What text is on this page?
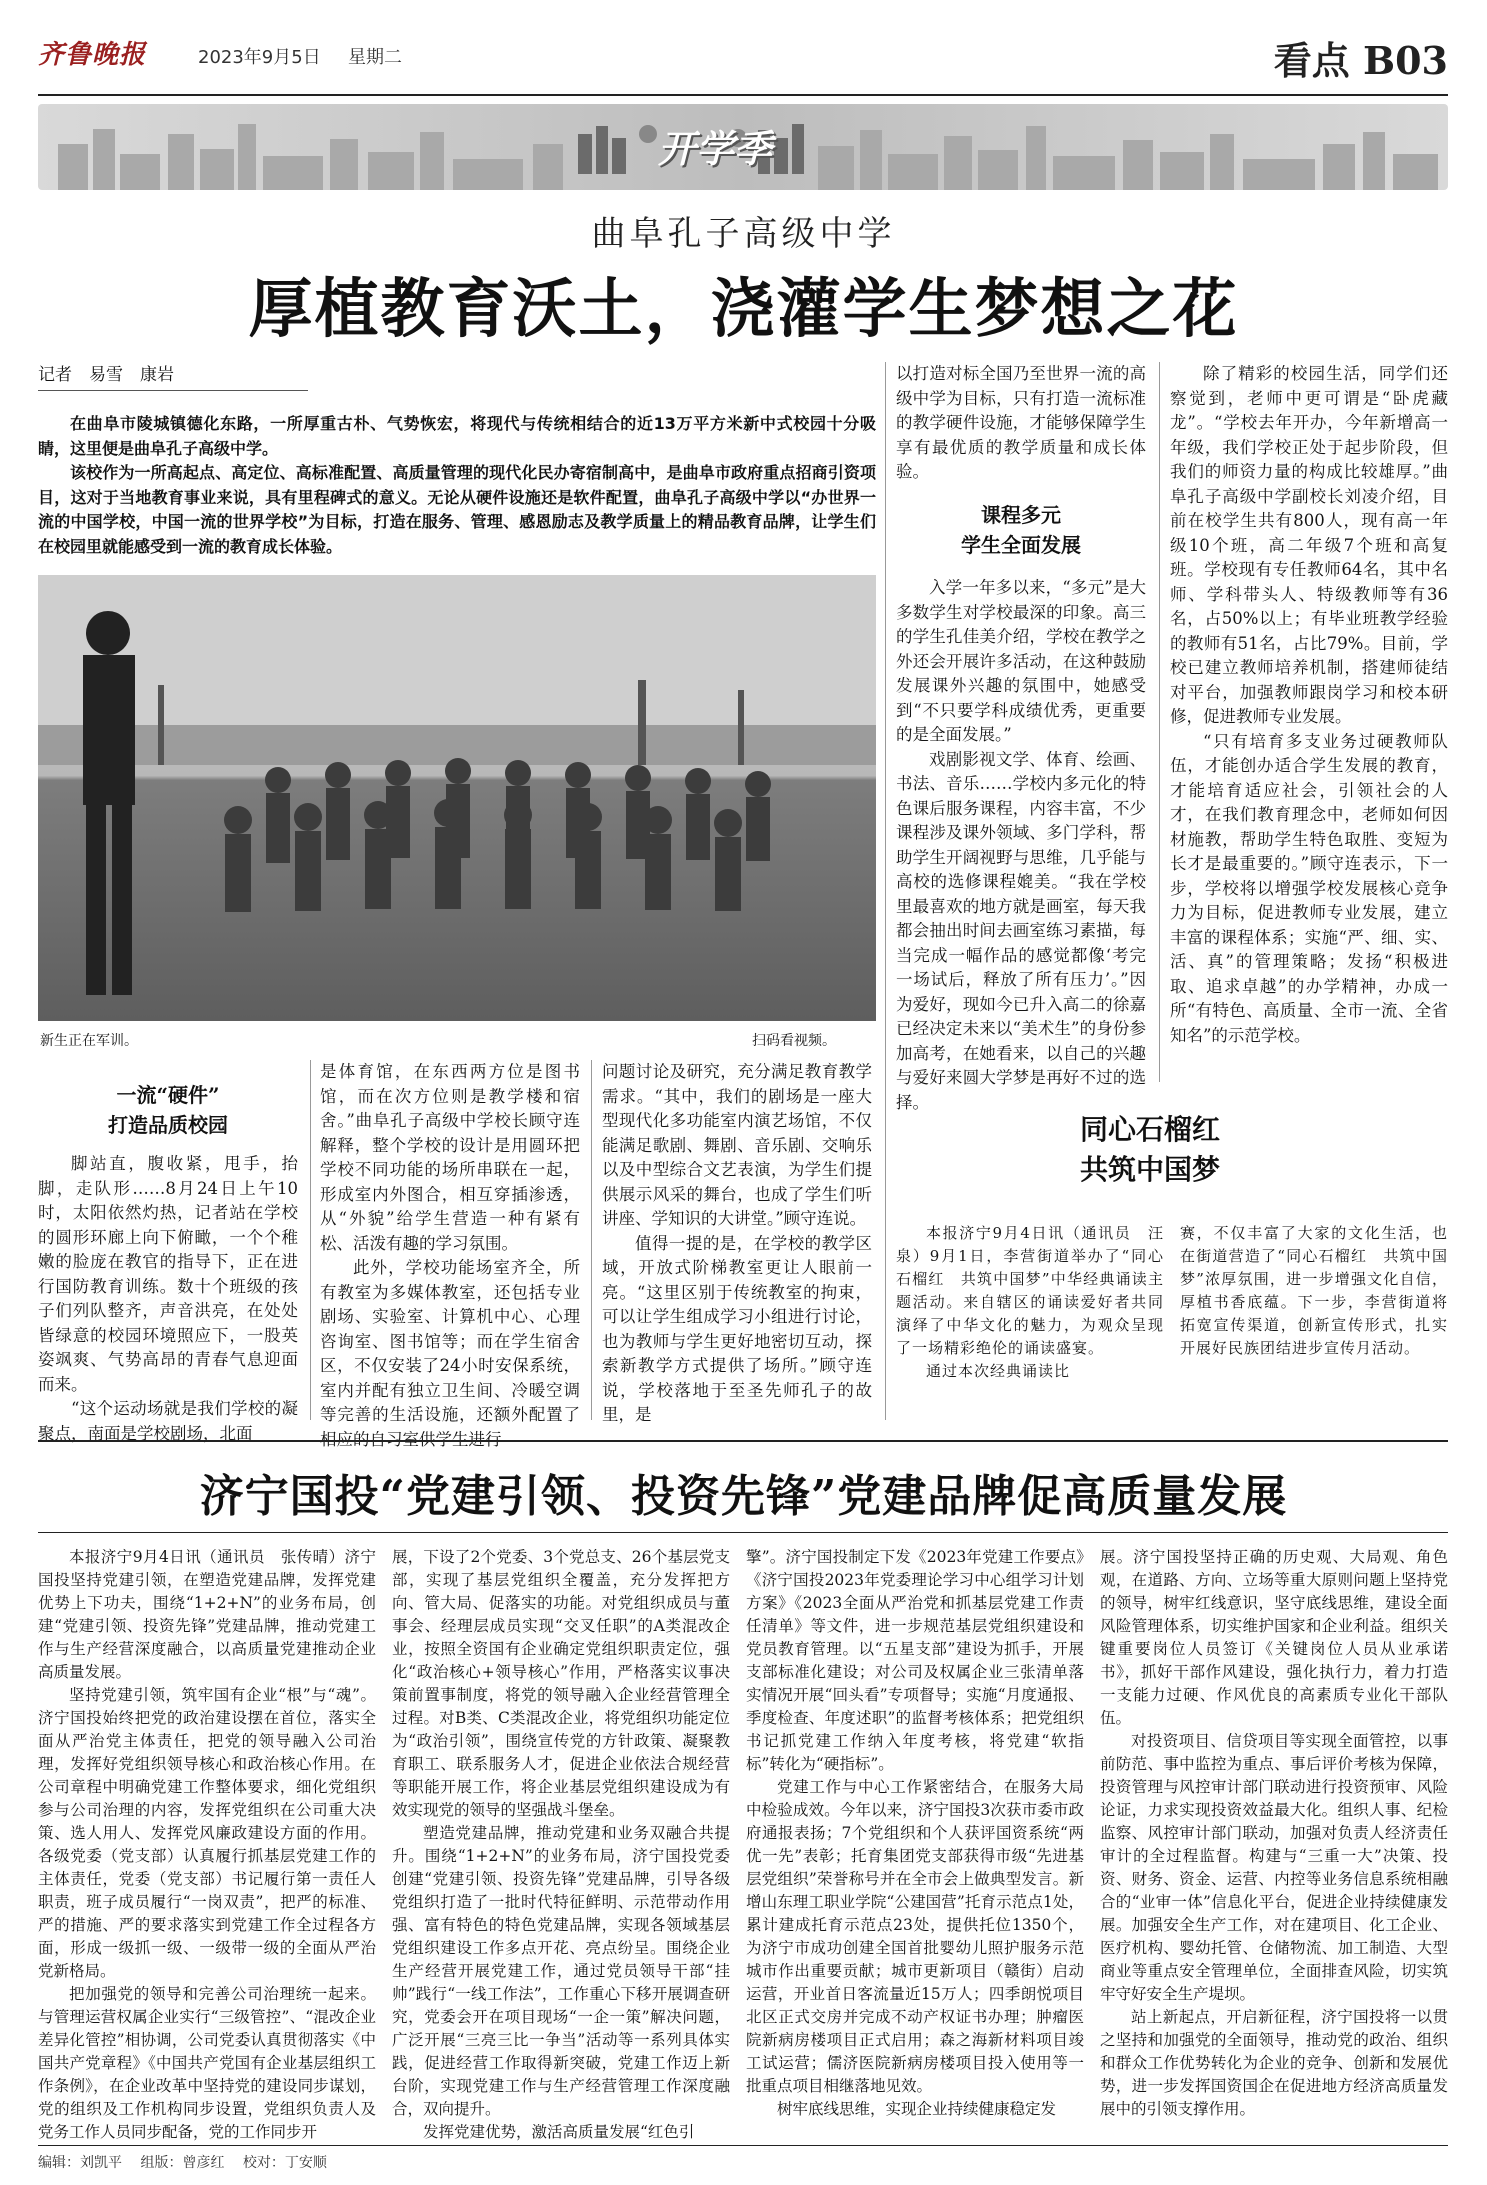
齐鲁晚报	2023年9月5日 星期二	看点 B03
开学季
曲阜孔子高级中学
厚植教育沃土，浇灌学生梦想之花
记者　易雪　康岩

在曲阜市陵城镇德化东路，一所厚重古朴、气势恢宏，将现代与传统相结合的近13万平方米新中式校园十分吸睛，这里便是曲阜孔子高级中学。

该校作为一所高起点、高定位、高标准配置、高质量管理的现代化民办寄宿制高中，是曲阜市政府重点招商引资项目，这对于当地教育事业来说，具有里程碑式的意义。无论从硬件设施还是软件配置，曲阜孔子高级中学以“办世界一流的中国学校，中国一流的世界学校”为目标，打造在服务、管理、感恩励志及教学质量上的精品教育品牌，让学生们在校园里就能感受到一流的教育成长体验。

新生正在军训。	扫码看视频。

以打造对标全国乃至世界一流的高级中学为目标，只有打造一流标准的教学硬件设施，才能够保障学生享有最优质的教学质量和成长体验。

课程多元
学生全面发展

入学一年多以来，“多元”是大多数学生对学校最深的印象。高三的学生孔佳美介绍，学校在教学之外还会开展许多活动，在这种鼓励发展课外兴趣的氛围中，她感受到“不只要学科成绩优秀，更重要的是全面发展。”

戏剧影视文学、体育、绘画、书法、音乐……学校内多元化的特色课后服务课程，内容丰富，不少课程涉及课外领域、多门学科，帮助学生开阔视野与思维，几乎能与高校的选修课程媲美。“我在学校里最喜欢的地方就是画室，每天我都会抽出时间去画室练习素描，每当完成一幅作品的感觉都像‘考完一场试后，释放了所有压力’。”因为爱好，现如今已升入高二的徐嘉已经决定未来以“美术生”的身份参加高考，在她看来，以自己的兴趣与爱好来圆大学梦是再好不过的选择。

除了精彩的校园生活，同学们还察觉到，老师中更可谓是“卧虎藏龙”。“学校去年开办，今年新增高一年级，我们学校正处于起步阶段，但我们的师资力量的构成比较雄厚。”曲阜孔子高级中学副校长刘凌介绍，目前在校学生共有800人，现有高一年级10个班，高二年级7个班和高复班。学校现有专任教师64名，其中名师、学科带头人、特级教师等有36名，占50%以上；有毕业班教学经验的教师有51名，占比79%。目前，学校已建立教师培养机制，搭建师徒结对平台，加强教师跟岗学习和校本研修，促进教师专业发展。

“只有培育多支业务过硬教师队伍，才能创办适合学生发展的教育，才能培育适应社会，引领社会的人才，在我们教育理念中，老师如何因材施教，帮助学生特色取胜、变短为长才是最重要的。”顾守连表示，下一步，学校将以增强学校发展核心竞争力为目标，促进教师专业发展，建立丰富的课程体系；实施“严、细、实、活、真”的管理策略；发扬“积极进取、追求卓越”的办学精神，办成一所“有特色、高质量、全市一流、全省知名”的示范学校。

一流“硬件”
打造品质校园

脚站直，腹收紧，甩手，抬脚，走队形……8月24日上午10时，太阳依然灼热，记者站在学校的圆形环廊上向下俯瞰，一个个稚嫩的脸庞在教官的指导下，正在进行国防教育训练。数十个班级的孩子们列队整齐，声音洪亮，在处处皆绿意的校园环境照应下，一股英姿飒爽、气势高昂的青春气息迎面而来。

“这个运动场就是我们学校的凝聚点，南面是学校剧场，北面

是体育馆，在东西两方位是图书馆，而在次方位则是教学楼和宿舍。”曲阜孔子高级中学校长顾守连解释，整个学校的设计是用圆环把学校不同功能的场所串联在一起，形成室内外图合，相互穿插渗透，从“外貌”给学生营造一种有紧有松、活泼有趣的学习氛围。

此外，学校功能场室齐全，所有教室为多媒体教室，还包括专业剧场、实验室、计算机中心、心理咨询室、图书馆等；而在学生宿舍区，不仅安装了24小时安保系统，室内并配有独立卫生间、冷暖空调等完善的生活设施，还额外配置了相应的自习室供学生进行

问题讨论及研究，充分满足教育教学需求。“其中，我们的剧场是一座大型现代化多功能室内演艺场馆，不仅能满足歌剧、舞剧、音乐剧、交响乐以及中型综合文艺表演，为学生们提供展示风采的舞台，也成了学生们听讲座、学知识的大讲堂。”顾守连说。

值得一提的是，在学校的教学区域，开放式阶梯教室更让人眼前一亮。“这里区别于传统教室的拘束，可以让学生组成学习小组进行讨论，也为教师与学生更好地密切互动，探索新教学方式提供了场所。”顾守连说，学校落地于至圣先师孔子的故里，是

同心石榴红
共筑中国梦

本报济宁9月4日讯（通讯员　汪泉）9月1日，李营街道举办了“同心石榴红　共筑中国梦”中华经典诵读主题活动。来自辖区的诵读爱好者共同演绎了中华文化的魅力，为观众呈现了一场精彩绝伦的诵读盛宴。

通过本次经典诵读比

赛，不仅丰富了大家的文化生活，也在街道营造了“同心石榴红　共筑中国梦”浓厚氛围，进一步增强文化自信，厚植书香底蕴。下一步，李营街道将拓宽宣传渠道，创新宣传形式，扎实开展好民族团结进步宣传月活动。

济宁国投“党建引领、投资先锋”党建品牌促高质量发展

本报济宁9月4日讯（通讯员　张传晴）济宁国投坚持党建引领，在塑造党建品牌，发挥党建优势上下功夫，围绕“1+2+N”的业务布局，创建“党建引领、投资先锋”党建品牌，推动党建工作与生产经营深度融合，以高质量党建推动企业高质量发展。

坚持党建引领，筑牢国有企业“根”与“魂”。济宁国投始终把党的政治建设摆在首位，落实全面从严治党主体责任，把党的领导融入公司治理，发挥好党组织领导核心和政治核心作用。在公司章程中明确党建工作整体要求，细化党组织参与公司治理的内容，发挥党组织在公司重大决策、选人用人、发挥党风廉政建设方面的作用。各级党委（党支部）认真履行抓基层党建工作的主体责任，党委（党支部）书记履行第一责任人职责，班子成员履行“一岗双责”，把严的标准、严的措施、严的要求落实到党建工作全过程各方面，形成一级抓一级、一级带一级的全面从严治党新格局。

把加强党的领导和完善公司治理统一起来。与管理运营权属企业实行“三级管控”、“混改企业差异化管控”相协调，公司党委认真贯彻落实《中国共产党章程》《中国共产党国有企业基层组织工作条例》，在企业改革中坚持党的建设同步谋划，党的组织及工作机构同步设置，党组织负责人及党务工作人员同步配备，党的工作同步开

展，下设了2个党委、3个党总支、26个基层党支部，实现了基层党组织全覆盖，充分发挥把方向、管大局、促落实的功能。对党组织成员与董事会、经理层成员实现“交叉任职”的A类混改企业，按照全资国有企业确定党组织职责定位，强化“政治核心+领导核心”作用，严格落实议事决策前置事制度，将党的领导融入企业经营管理全过程。对B类、C类混改企业，将党组织功能定位为“政治引领”，围绕宣传党的方针政策、凝聚教育职工、联系服务人才，促进企业依法合规经营等职能开展工作，将企业基层党组织建设成为有效实现党的领导的坚强战斗堡垒。

塑造党建品牌，推动党建和业务双融合共提升。围绕“1+2+N”的业务布局，济宁国投党委创建“党建引领、投资先锋”党建品牌，引导各级党组织打造了一批时代特征鲜明、示范带动作用强、富有特色的特色党建品牌，实现各领域基层党组织建设工作多点开花、亮点纷呈。围绕企业生产经营开展党建工作，通过党员领导干部“挂帅”践行“一线工作法”，工作重心下移开展调查研究，党委会开在项目现场“一企一策”解决问题，广泛开展“三亮三比一争当”活动等一系列具体实践，促进经营工作取得新突破，党建工作迈上新台阶，实现党建工作与生产经营管理工作深度融合，双向提升。

发挥党建优势，激活高质量发展“红色引

擎”。济宁国投制定下发《2023年党建工作要点》《济宁国投2023年党委理论学习中心组学习计划方案》《2023全面从严治党和抓基层党建工作责任清单》等文件，进一步规范基层党组织建设和党员教育管理。以“五星支部”建设为抓手，开展支部标准化建设；对公司及权属企业三张清单落实情况开展“回头看”专项督导；实施“月度通报、季度检查、年度述职”的监督考核体系；把党组织书记抓党建工作纳入年度考核，将党建“软指标”转化为“硬指标”。

党建工作与中心工作紧密结合，在服务大局中检验成效。今年以来，济宁国投3次获市委市政府通报表扬；7个党组织和个人获评国资系统“两优一先”表彰；托育集团党支部获得市级“先进基层党组织”荣誉称号并在全市会上做典型发言。新增山东理工职业学院“公建国营”托育示范点1处，累计建成托育示范点23处，提供托位1350个，为济宁市成功创建全国首批婴幼儿照护服务示范城市作出重要贡献；城市更新项目（赣街）启动运营，开业首日客流量近15万人；四季朗悦项目北区正式交房并完成不动产权证书办理；肿瘤医院新病房楼项目正式启用；森之海新材料项目竣工试运营；儒济医院新病房楼项目投入使用等一批重点项目相继落地见效。

树牢底线思维，实现企业持续健康稳定发

展。济宁国投坚持正确的历史观、大局观、角色观，在道路、方向、立场等重大原则问题上坚持党的领导，树牢红线意识，坚守底线思维，建设全面风险管理体系，切实维护国家和企业利益。组织关键重要岗位人员签订《关键岗位人员从业承诺书》，抓好干部作风建设，强化执行力，着力打造一支能力过硬、作风优良的高素质专业化干部队伍。

对投资项目、信贷项目等实现全面管控，以事前防范、事中监控为重点、事后评价考核为保障，投资管理与风控审计部门联动进行投资预审、风险论证，力求实现投资效益最大化。组织人事、纪检监察、风控审计部门联动，加强对负责人经济责任审计的全过程监督。构建与“三重一大”决策、投资、财务、资金、运营、内控等业务信息系统相融合的“业审一体”信息化平台，促进企业持续健康发展。加强安全生产工作，对在建项目、化工企业、医疗机构、婴幼托管、仓储物流、加工制造、大型商业等重点安全管理单位，全面排查风险，切实筑牢守好安全生产堤坝。

站上新起点，开启新征程，济宁国投将一以贯之坚持和加强党的全面领导，推动党的政治、组织和群众工作优势转化为企业的竞争、创新和发展优势，进一步发挥国资国企在促进地方经济高质量发展中的引领支撑作用。

编辑：刘凯平　 组版：曾彦红　 校对：丁安顺
